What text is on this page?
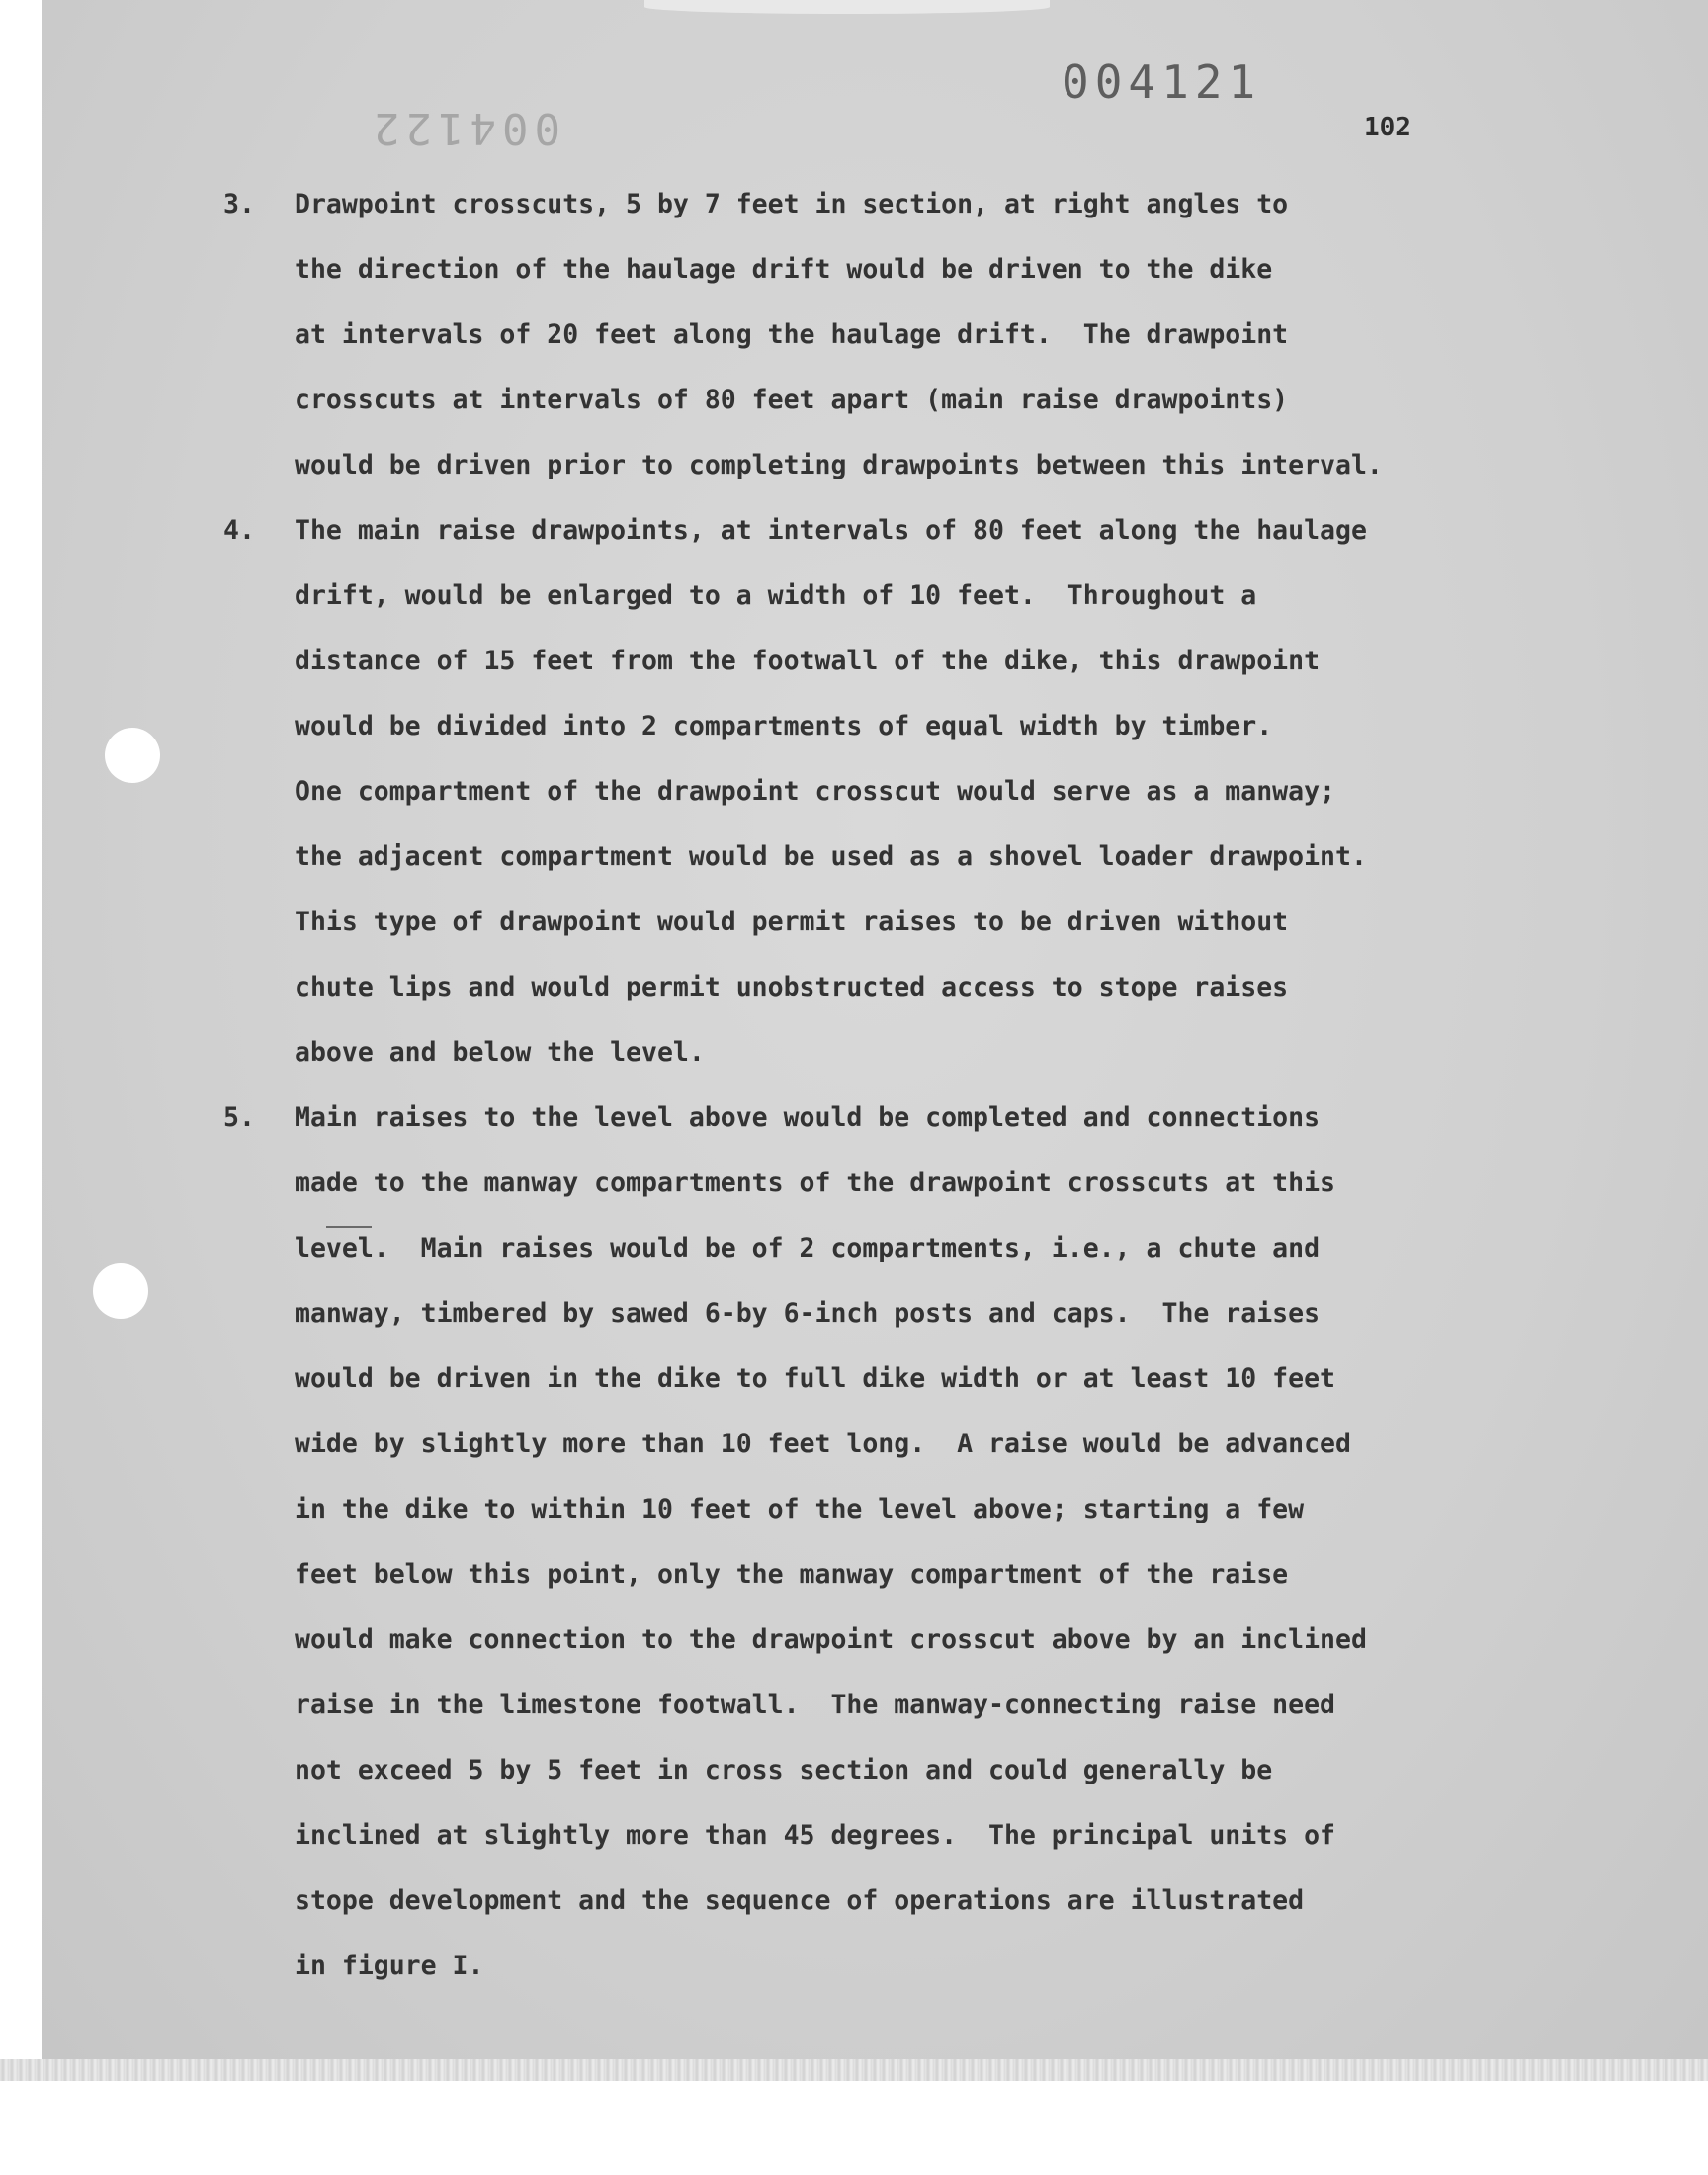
004121
004122	102
3.	Drawpoint crosscuts, 5 by 7 feet in section, at right angles to
the direction of the haulage drift would be driven to the dike
at intervals of 20 feet along the haulage drift.  The drawpoint
crosscuts at intervals of 80 feet apart (main raise drawpoints)
would be driven prior to completing drawpoints between this interval.
4.	The main raise drawpoints, at intervals of 80 feet along the haulage
drift, would be enlarged to a width of 10 feet.  Throughout a
distance of 15 feet from the footwall of the dike, this drawpoint
would be divided into 2 compartments of equal width by timber.
One compartment of the drawpoint crosscut would serve as a manway;
the adjacent compartment would be used as a shovel loader drawpoint.
This type of drawpoint would permit raises to be driven without
chute lips and would permit unobstructed access to stope raises
above and below the level.
5.	Main raises to the level above would be completed and connections
made to the manway compartments of the drawpoint crosscuts at this
level.  Main raises would be of 2 compartments, i.e., a chute and
manway, timbered by sawed 6-by 6-inch posts and caps.  The raises
would be driven in the dike to full dike width or at least 10 feet
wide by slightly more than 10 feet long.  A raise would be advanced
in the dike to within 10 feet of the level above; starting a few
feet below this point, only the manway compartment of the raise
would make connection to the drawpoint crosscut above by an inclined
raise in the limestone footwall.  The manway-connecting raise need
not exceed 5 by 5 feet in cross section and could generally be
inclined at slightly more than 45 degrees.  The principal units of
stope development and the sequence of operations are illustrated
in figure I.
